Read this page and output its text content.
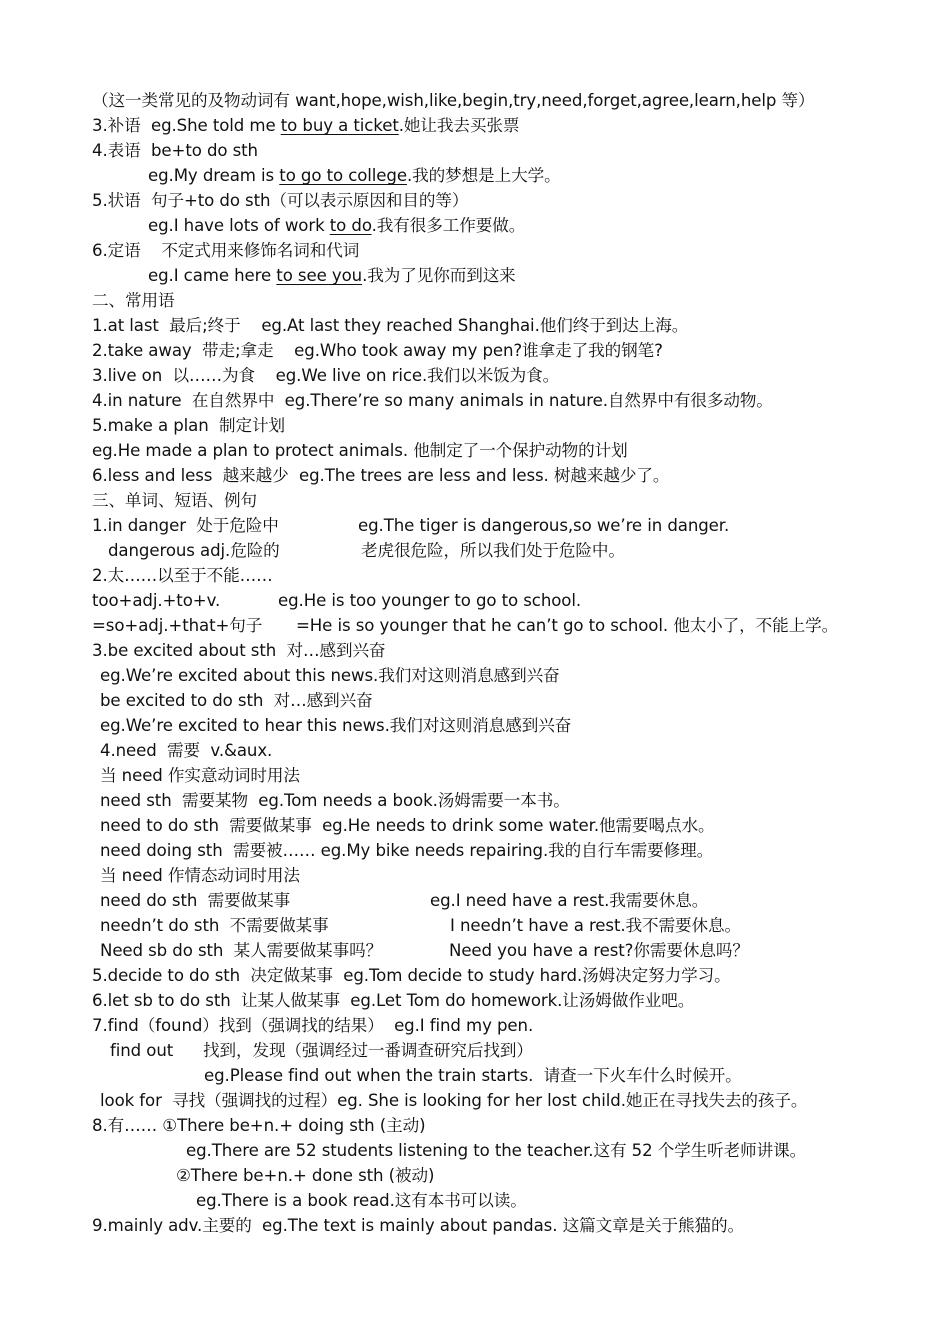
（这一类常见的及物动词有 want,hope,wish,like,begin,try,need,forget,agree,learn,help 等）
3.补语  eg.She told me to buy a ticket.她让我去买张票
4.表语  be+to do sth
eg.My dream is to go to college.我的梦想是上大学。
5.状语  句子+to do sth（可以表示原因和目的等）
eg.I have lots of work to do.我有很多工作要做。
6.定语    不定式用来修饰名词和代词
eg.I came here to see you.我为了见你而到这来
二、常用语
1.at last  最后;终于    eg.At last they reached Shanghai.他们终于到达上海。
2.take away  带走;拿走    eg.Who took away my pen?谁拿走了我的钢笔?
3.live on  以……为食    eg.We live on rice.我们以米饭为食。
4.in nature  在自然界中  eg.There’re so many animals in nature.自然界中有很多动物。
5.make a plan  制定计划
eg.He made a plan to protect animals. 他制定了一个保护动物的计划
6.less and less  越来越少  eg.The trees are less and less. 树越来越少了。
三、单词、短语、例句
1.in danger  处于危险中	eg.The tiger is dangerous,so we’re in danger.
dangerous adj.危险的	老虎很危险，所以我们处于危险中。
2.太……以至于不能……
too+adj.+to+v.	eg.He is too younger to go to school.
=so+adj.+that+句子 =He is so younger that he can’t go to school. 他太小了，不能上学。
3.be excited about sth  对…感到兴奋
eg.We’re excited about this news.我们对这则消息感到兴奋
be excited to do sth  对…感到兴奋
eg.We’re excited to hear this news.我们对这则消息感到兴奋
4.need  需要  v.&aux.
当 need 作实意动词时用法
need sth  需要某物  eg.Tom needs a book.汤姆需要一本书。
need to do sth  需要做某事  eg.He needs to drink some water.他需要喝点水。
need doing sth  需要被…… eg.My bike needs repairing.我的自行车需要修理。
当 need 作情态动词时用法
need do sth  需要做某事	eg.I need have a rest.我需要休息。
needn’t do sth  不需要做某事	I needn’t have a rest.我不需要休息。
Need sb do sth  某人需要做某事吗？	Need you have a rest?你需要休息吗？
5.decide to do sth  决定做某事  eg.Tom decide to study hard.汤姆决定努力学习。
6.let sb to do sth  让某人做某事  eg.Let Tom do homework.让汤姆做作业吧。
7.find（found）找到（强调找的结果）  eg.I find my pen.
find out 找到，发现（强调经过一番调查研究后找到）
eg.Please find out when the train starts.  请查一下火车什么时候开。
look for  寻找（强调找的过程）eg. She is looking for her lost child.她正在寻找失去的孩子。
8.有…… ①There be+n.+ doing sth (主动)
eg.There are 52 students listening to the teacher.这有 52 个学生听老师讲课。
②There be+n.+ done sth (被动)
eg.There is a book read.这有本书可以读。
9.mainly adv.主要的  eg.The text is mainly about pandas. 这篇文章是关于熊猫的。
